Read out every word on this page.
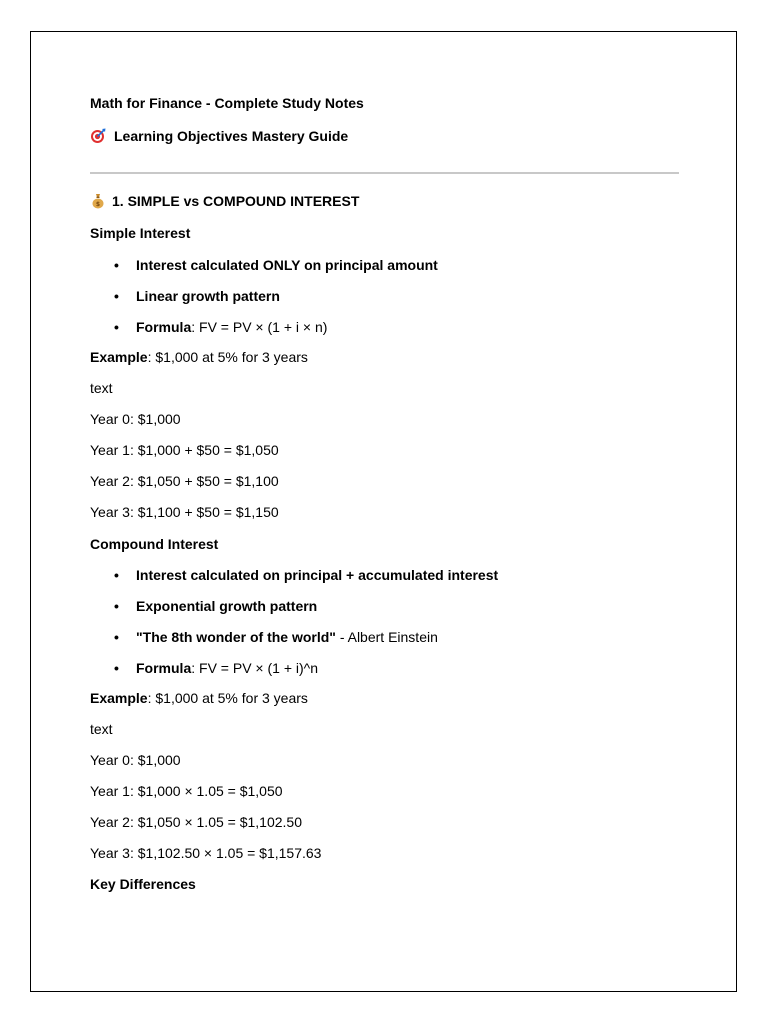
Math for Finance - Complete Study Notes
Learning Objectives Mastery Guide
$ 1. SIMPLE vs COMPOUND INTEREST
Simple Interest
• Interest calculated ONLY on principal amount
• Linear growth pattern
• Formula: FV = PV × (1 + i × n)
Example: $1,000 at 5% for 3 years
text
Year 0: $1,000
Year 1: $1,000 + $50 = $1,050
Year 2: $1,050 + $50 = $1,100
Year 3: $1,100 + $50 = $1,150
Compound Interest
• Interest calculated on principal + accumulated interest
• Exponential growth pattern
• "The 8th wonder of the world" - Albert Einstein
• Formula: FV = PV × (1 + i)^n
Example: $1,000 at 5% for 3 years
text
Year 0: $1,000
Year 1: $1,000 × 1.05 = $1,050
Year 2: $1,050 × 1.05 = $1,102.50
Year 3: $1,102.50 × 1.05 = $1,157.63
Key Differences
